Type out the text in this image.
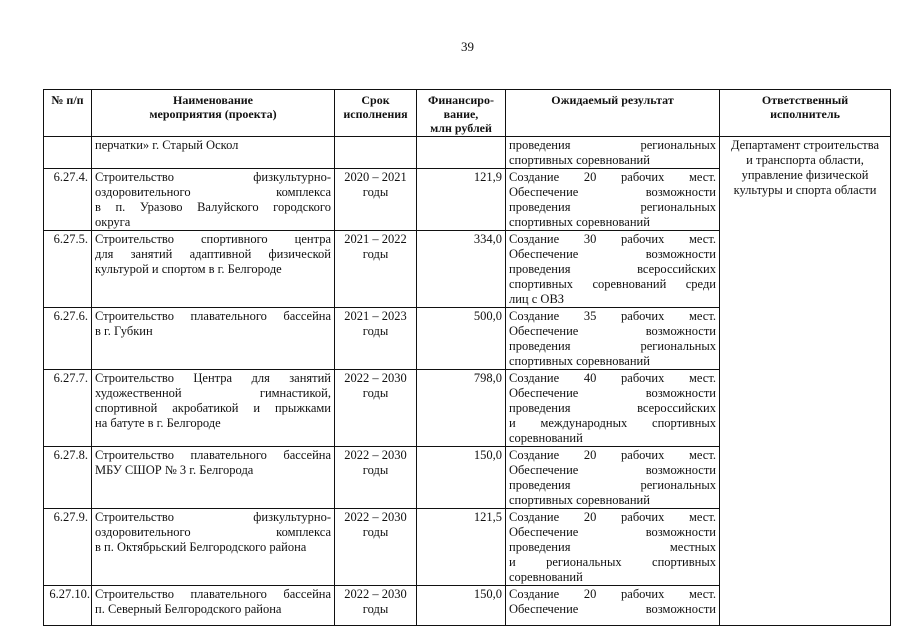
39
№ п/п	Наименование
мероприятия (проекта)	Срок
исполнения	Финансиро-
вание,
млн рублей	Ожидаемый результат	Ответственный
исполнитель

	перчатки» г. Старый Оскол			проведения региональных
спортивных соревнований	Департамент строительства
и транспорта области,
управление физической
культуры и спорта области

6.27.4.	Строительство физкультурно-
оздоровительного комплекса
в п. Уразово Валуйского городского
округа	2020 – 2021
годы	121,9	Создание 20 рабочих мест.
Обеспечение возможности
проведения региональных
спортивных соревнований	

6.27.5.	Строительство спортивного центра
для занятий адаптивной физической
культурой и спортом в г. Белгороде	2021 – 2022
годы	334,0	Создание 30 рабочих мест.
Обеспечение возможности
проведения всероссийских
спортивных соревнований среди
лиц с ОВЗ	

6.27.6.	Строительство плавательного бассейна
в г. Губкин	2021 – 2023
годы	500,0	Создание 35 рабочих мест.
Обеспечение возможности
проведения региональных
спортивных соревнований	

6.27.7.	Строительство Центра для занятий
художественной гимнастикой,
спортивной акробатикой и прыжками
на батуте в г. Белгороде	2022 – 2030
годы	798,0	Создание 40 рабочих мест.
Обеспечение возможности
проведения всероссийских
и международных спортивных
соревнований	

6.27.8.	Строительство плавательного бассейна
МБУ СШОР № 3 г. Белгорода	2022 – 2030
годы	150,0	Создание 20 рабочих мест.
Обеспечение возможности
проведения региональных
спортивных соревнований	

6.27.9.	Строительство физкультурно-
оздоровительного комплекса
в п. Октябрьский Белгородского района	2022 – 2030
годы	121,5	Создание 20 рабочих мест.
Обеспечение возможности
проведения местных
и региональных спортивных
соревнований	

6.27.10.	Строительство плавательного бассейна
п. Северный Белгородского района	2022 – 2030
годы	150,0	Создание 20 рабочих мест.
Обеспечение возможности	
